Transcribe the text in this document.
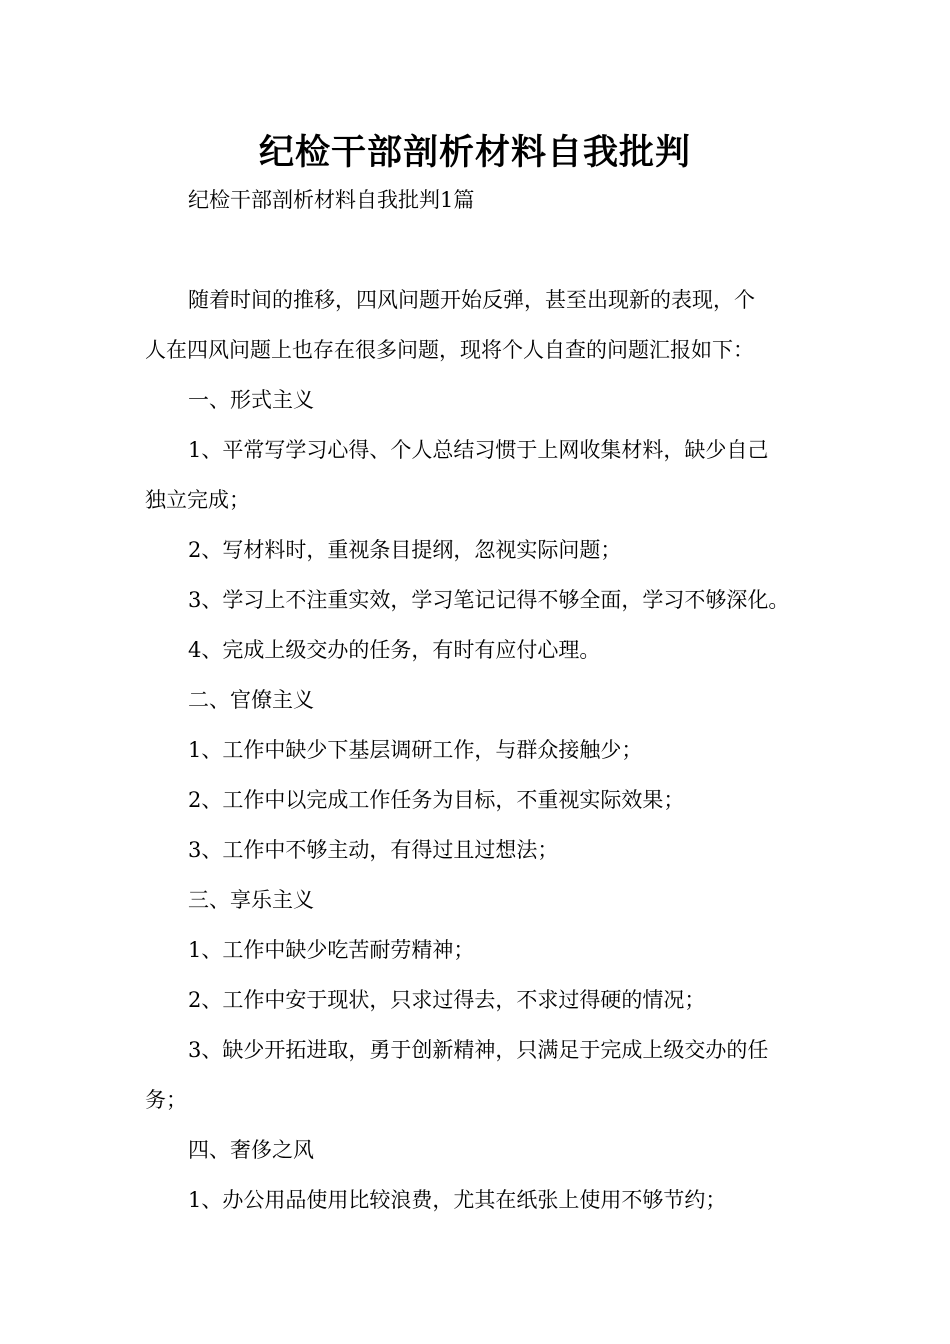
纪检干部剖析材料自我批判
纪检干部剖析材料自我批判1篇
随着时间的推移，四风问题开始反弹，甚至出现新的表现，个
人在四风问题上也存在很多问题，现将个人自查的问题汇报如下：
一、形式主义
1、平常写学习心得、个人总结习惯于上网收集材料，缺少自己
独立完成；
2、写材料时，重视条目提纲，忽视实际问题；
3、学习上不注重实效，学习笔记记得不够全面，学习不够深化。
4、完成上级交办的任务，有时有应付心理。
二、官僚主义
1、工作中缺少下基层调研工作，与群众接触少；
2、工作中以完成工作任务为目标，不重视实际效果；
3、工作中不够主动，有得过且过想法；
三、享乐主义
1、工作中缺少吃苦耐劳精神；
2、工作中安于现状，只求过得去，不求过得硬的情况；
3、缺少开拓进取，勇于创新精神，只满足于完成上级交办的任
务；
四、奢侈之风
1、办公用品使用比较浪费，尤其在纸张上使用不够节约；
